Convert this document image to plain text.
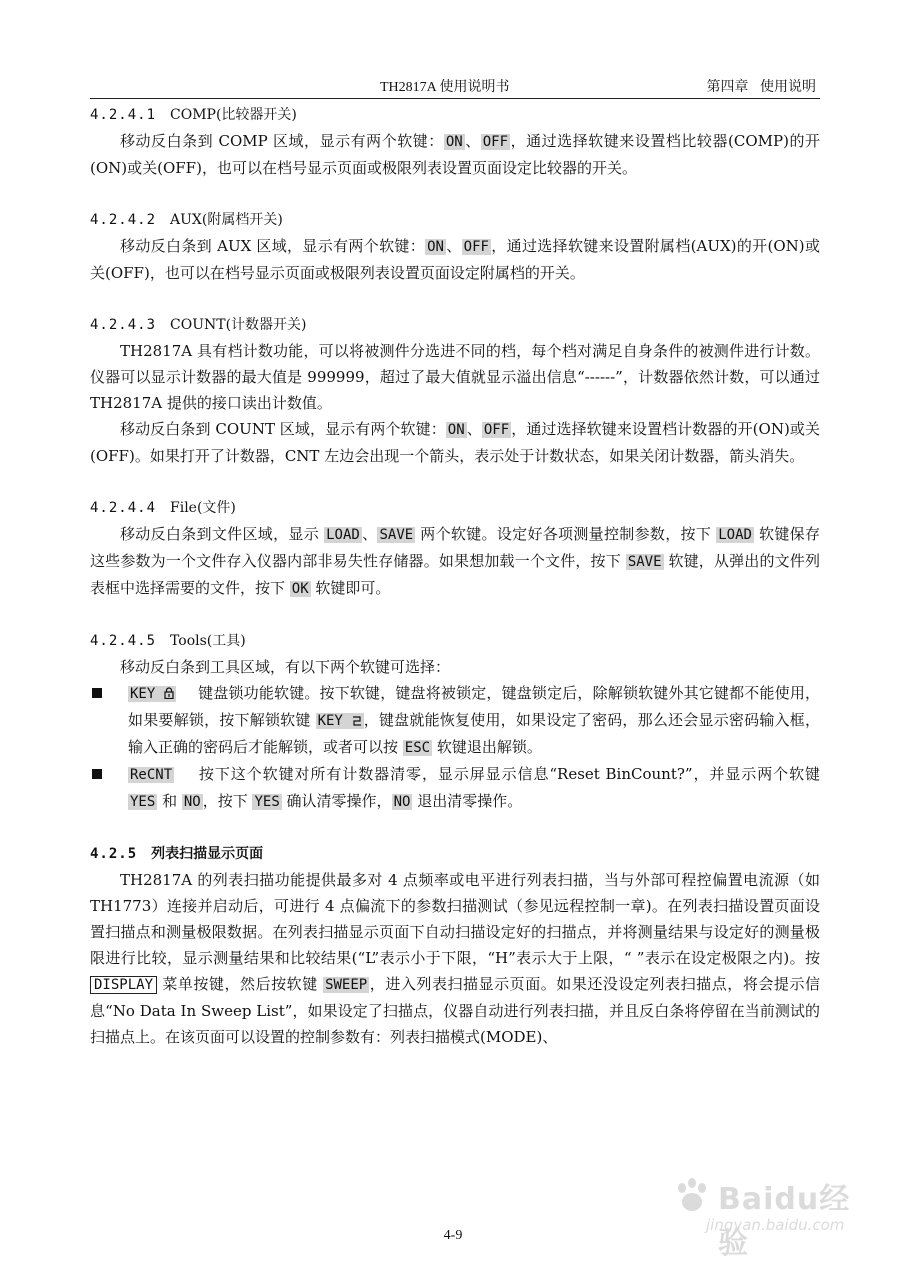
TH2817A 使用说明书	第四章 使用说明
4.2.4.1 COMP(比较器开关)

移动反白条到 COMP 区域，显示有两个软键： ON 、 OFF ，通过选择软键来设置档比较器(COMP)的开(ON)或关(OFF)，也可以在档号显示页面或极限列表设置页面设定比较器的开关。

4.2.4.2 AUX(附属档开关)

移动反白条到 AUX 区域，显示有两个软键： ON 、 OFF ，通过选择软键来设置附属档(AUX)的开(ON)或关(OFF)，也可以在档号显示页面或极限列表设置页面设定附属档的开关。

4.2.4.3 COUNT(计数器开关)

TH2817A 具有档计数功能，可以将被测件分选进不同的档，每个档对满足自身条件的被测件进行计数。仪器可以显示计数器的最大值是 999999，超过了最大值就显示溢出信息“------”，计数器依然计数，可以通过 TH2817A 提供的接口读出计数值。

移动反白条到 COUNT 区域，显示有两个软键： ON 、 OFF ，通过选择软键来设置档计数器的开(ON)或关(OFF)。如果打开了计数器，CNT 左边会出现一个箭头，表示处于计数状态，如果关闭计数器，箭头消失。

4.2.4.4 File(文件)

移动反白条到文件区域，显示 LOAD 、 SAVE 两个软键。设定好各项测量控制参数，按下 LOAD 软键保存这些参数为一个文件存入仪器内部非易失性存储器。如果想加载一个文件，按下 SAVE 软键，从弹出的文件列表框中选择需要的文件，按下 OK 软键即可。

4.2.4.5 Tools(工具)

移动反白条到工具区域，有以下两个软键可选择：

KEY	键盘锁功能软键。按下软键，键盘将被锁定，键盘锁定后，除解锁软键外其它键都不能使用，如果要解锁，按下解锁软键 KEY ，键盘就能恢复使用，如果设定了密码，那么还会显示密码输入框，输入正确的密码后才能解锁，或者可以按 ESC 软键退出解锁。

ReCNT 按下这个软键对所有计数器清零，显示屏显示信息“Reset BinCount?”，并显示两个软键 YES 和 NO ，按下 YES 确认清零操作， NO 退出清零操作。

4.2.5 列表扫描显示页面

TH2817A 的列表扫描功能提供最多对 4 点频率或电平进行列表扫描，当与外部可程控偏置电流源（如 TH1773）连接并启动后，可进行 4 点偏流下的参数扫描测试（参见远程控制一章)。在列表扫描设置页面设置扫描点和测量极限数据。在列表扫描显示页面下自动扫描设定好的扫描点，并将测量结果与设定好的测量极限进行比较，显示测量结果和比较结果(“L”表示小于下限，“H”表示大于上限，“ ”表示在设定极限之内)。按 DISPLAY 菜单按键，然后按软键 SWEEP ，进入列表扫描显示页面。如果还没设定列表扫描点，将会提示信息“No Data In Sweep List”，如果设定了扫描点，仪器自动进行列表扫描，并且反白条将停留在当前测试的扫描点上。在该页面可以设置的控制参数有：列表扫描模式(MODE)、

Baidu经验
jingyan.baidu.com
4-9
